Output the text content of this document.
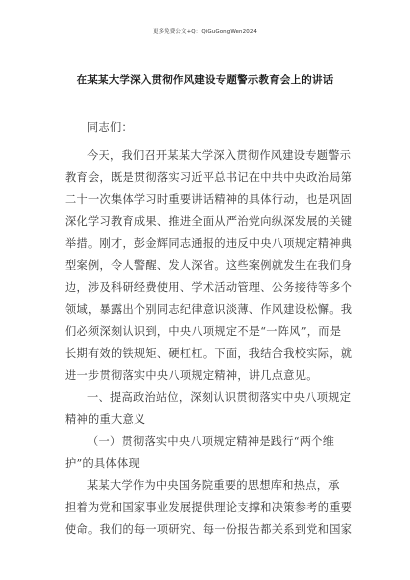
更多免费公文+Q：QiGuGongWen2024
在某某大学深入贯彻作风建设专题警示教育会上的讲话
同志们：
今天，我们召开某某大学深入贯彻作风建设专题警示
教育会，既是贯彻落实习近平总书记在中共中央政治局第
二十一次集体学习时重要讲话精神的具体行动，也是巩固
深化学习教育成果、推进全面从严治党向纵深发展的关键
举措。刚才，彭金辉同志通报的违反中央八项规定精神典
型案例，令人警醒、发人深省。这些案例就发生在我们身
边，涉及科研经费使用、学术活动管理、公务接待等多个
领域，暴露出个别同志纪律意识淡薄、作风建设松懈。我
们必须深刻认识到，中央八项规定不是“一阵风”，而是
长期有效的铁规矩、硬杠杠。下面，我结合我校实际，就
进一步贯彻落实中央八项规定精神，讲几点意见。
一、提高政治站位，深刻认识贯彻落实中央八项规定
精神的重大意义
（一）贯彻落实中央八项规定精神是践行“两个维
护”的具体体现
某某大学作为中央国务院重要的思想库和热点，承
担着为党和国家事业发展提供理论支撑和决策参考的重要
使命。我们的每一项研究、每一份报告都关系到党和国家
